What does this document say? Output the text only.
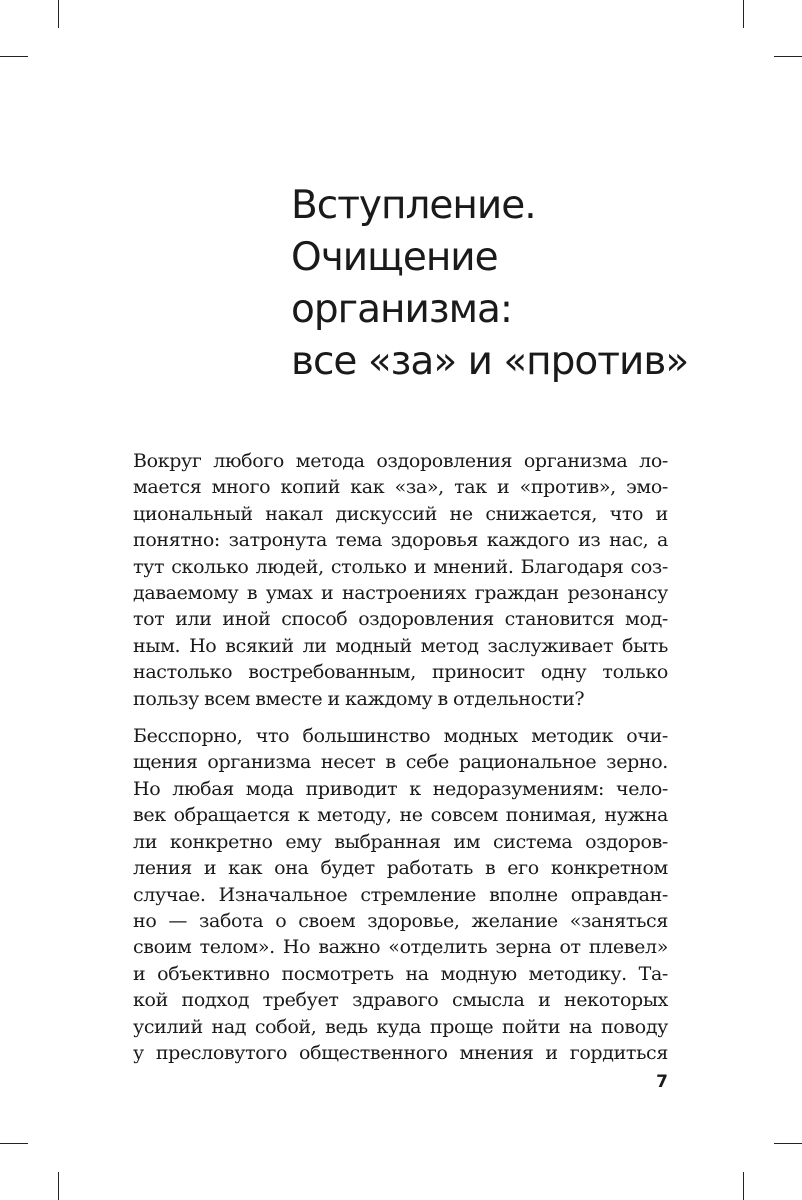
Вступление.
Очищение
организма:
все «за» и «против»

Вокруг любого метода оздоровления организма ло-
мается много копий как «за», так и «против», эмо-
циональный накал дискуссий не снижается, что и
понятно: затронута тема здоровья каждого из нас, а
тут сколько людей, столько и мнений. Благодаря соз-
даваемому в умах и настроениях граждан резонансу
тот или иной способ оздоровления становится мод-
ным. Но всякий ли модный метод заслуживает быть
настолько востребованным, приносит одну только
пользу всем вместе и каждому в отдельности?

Бесспорно, что большинство модных методик очи-
щения организма несет в себе рациональное зерно.
Но любая мода приводит к недоразумениям: чело-
век обращается к методу, не совсем понимая, нужна
ли конкретно ему выбранная им система оздоров-
ления и как она будет работать в его конкретном
случае. Изначальное стремление вполне оправдан-
но — забота о своем здоровье, желание «заняться
своим телом». Но важно «отделить зерна от плевел»
и объективно посмотреть на модную методику. Та-
кой подход требует здравого смысла и некоторых
усилий над собой, ведь куда проще пойти на поводу
у пресловутого общественного мнения и гордиться

7
